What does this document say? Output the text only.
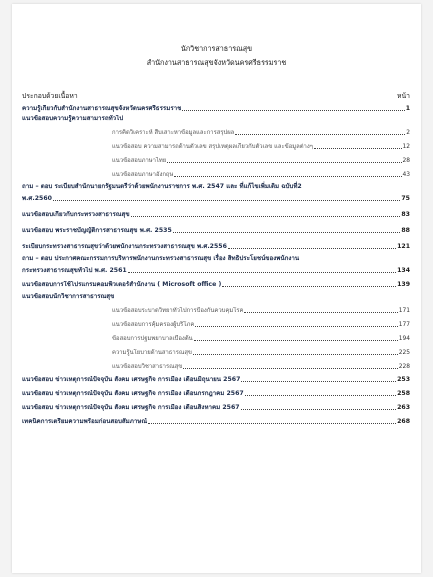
นักวิชาการสาธารณสุข
สำนักงานสาธารณสุขจังหวัดนครศรีธรรมราช
ประกอบด้วยเนื้อหา	หน้า
ความรู้เกี่ยวกับสำนักงานสาธารณสุขจังหวัดนครศรีธรรมราช	1
แนวข้อสอบความรู้ความสามารถทั่วไป
การคิดวิเคราะห์ สืบเสาะหาข้อมูลและการสรุปผล	2
แนวข้อสอบ ความสามารถด้านตัวเลข สรุปเหตุผลเกี่ยวกับตัวเลข และข้อมูลต่างๆ	12
แนวข้อสอบภาษาไทย	28
แนวข้อสอบภาษาอังกฤษ	43
ถาม – ตอบ ระเบียบสำนักนายกรัฐมนตรีว่าด้วยพนักงานราชการ พ.ศ. 2547 และ ที่แก้ไขเพิ่มเติม ฉบับที่2
พ.ศ.2560	75
แนวข้อสอบเกี่ยวกับกระทรวงสาธารณสุข	83
แนวข้อสอบ พระราชบัญญัติการสาธารณสุข พ.ศ. 2535	88
ระเบียบกระทรวงสาธารณสุขว่าด้วยพนักงานกระทรวงสาธารณสุข พ.ศ.2556	121
ถาม – ตอบ ประกาศคณะกรรมการบริหารพนักงานกระทรวงสาธารณสุข เรื่อง สิทธิประโยชน์ของพนักงาน
กระทรวงสาธารณสุขทั่วไป พ.ศ. 2561	134
แนวข้อสอบการใช้โปรแกรมคอมพิวเตอร์สำนักงาน ( Microsoft office )	139
แนวข้อสอบนักวิชาการสาธารณสุข
แนวข้อสอบระบาดวิทยาทั่วไปการป้องกันควบคุมโรค	171
แนวข้อสอบการคุ้มครองผู้บริโภค	177
ข้อสอบการปฐมพยาบาลเบื้องต้น	194
ความรู้นโยบายด้านสาธารณสุข	225
แนวข้อสอบวิชาสาธารณสุข	228
แนวข้อสอบ ข่าวเหตุการณ์ปัจจุบัน สังคม เศรษฐกิจ การเมือง เดือนมิถุนายน 2567	253
แนวข้อสอบ ข่าวเหตุการณ์ปัจจุบัน สังคม เศรษฐกิจ การเมือง เดือนกรกฎาคม 2567	258
แนวข้อสอบ ข่าวเหตุการณ์ปัจจุบัน สังคม เศรษฐกิจ การเมือง เดือนสิงหาคม 2567	263
เทคนิคการเตรียมความพร้อมก่อนสอบสัมภาษณ์	268
